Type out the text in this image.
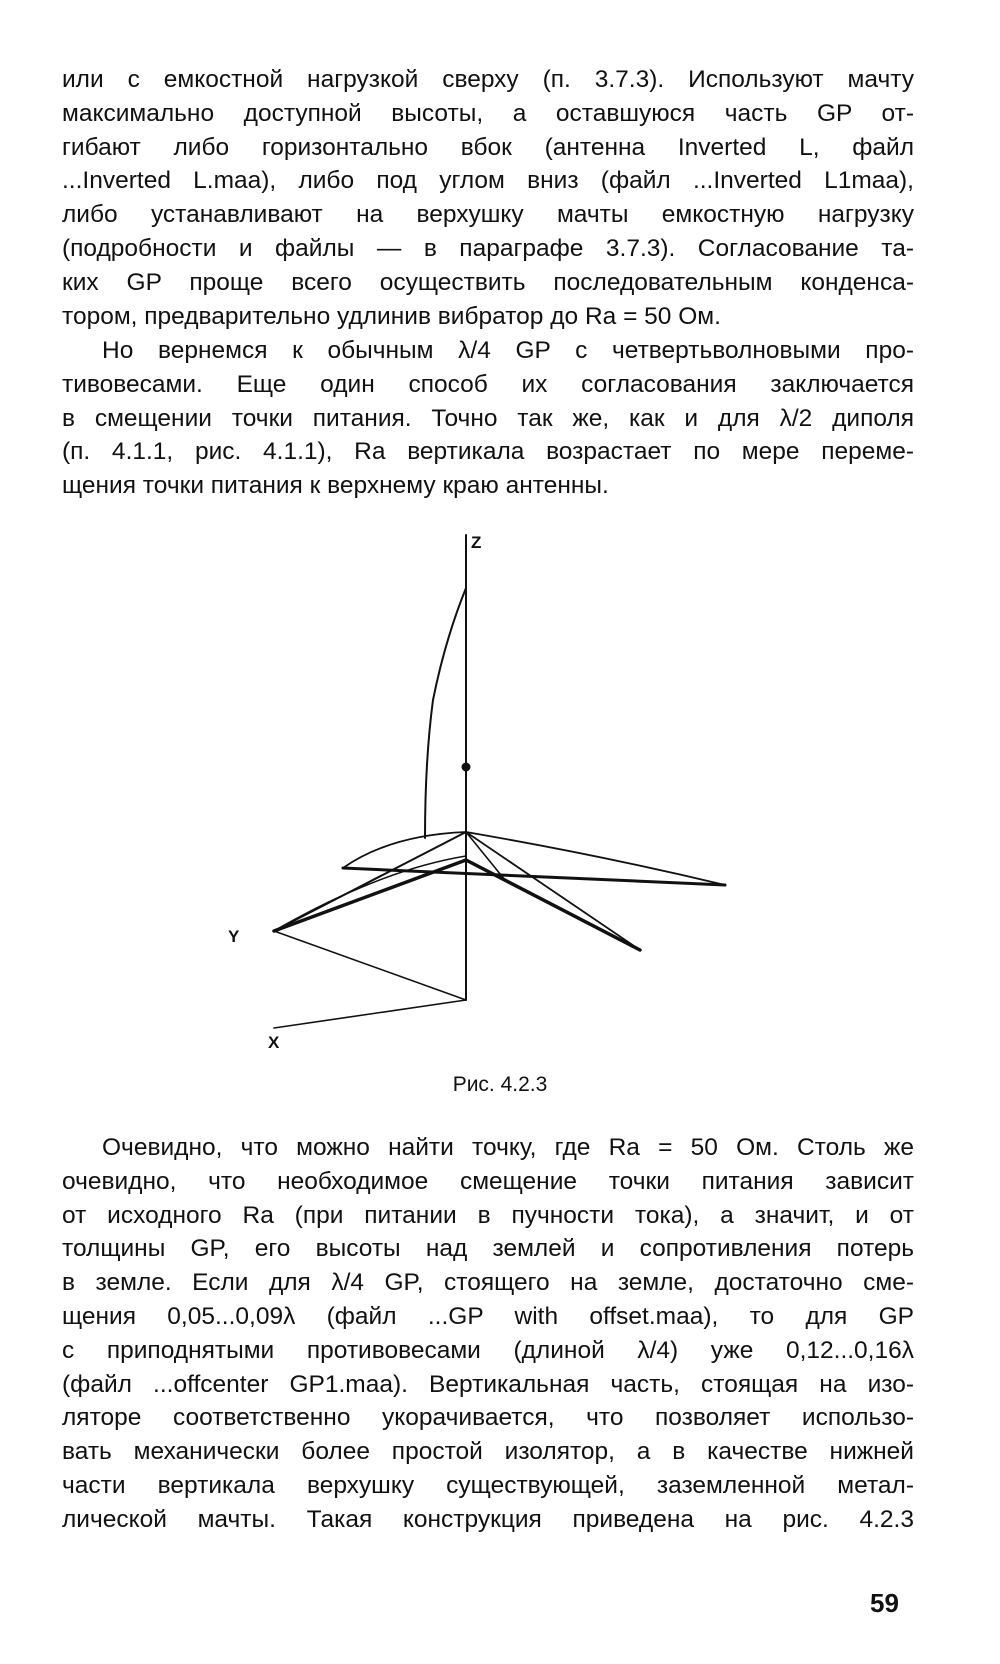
или с емкостной нагрузкой сверху (п. 3.7.3). Используют мачту
максимально доступной высоты, а оставшуюся часть GP от-
гибают либо горизонтально вбок (антенна Inverted L, файл
...Inverted L.maa), либо под углом вниз (файл ...Inverted L1maa),
либо устанавливают на верхушку мачты емкостную нагрузку
(подробности и файлы — в параграфе 3.7.3). Согласование та-
ких GP проще всего осуществить последовательным конденса-
тором, предварительно удлинив вибратор до Ra = 50 Ом.
Но вернемся к обычным λ/4 GP с четвертьволновыми про-
тивовесами. Еще один способ их согласования заключается
в смещении точки питания. Точно так же, как и для λ/2 диполя
(п. 4.1.1, рис. 4.1.1), Ra вертикала возрастает по мере переме-
щения точки питания к верхнему краю антенны.
Z
Y
X
Рис. 4.2.3
Очевидно, что можно найти точку, где Ra = 50 Ом. Столь же
очевидно, что необходимое смещение точки питания зависит
от исходного Ra (при питании в пучности тока), а значит, и от
толщины GP, его высоты над землей и сопротивления потерь
в земле. Если для λ/4 GP, стоящего на земле, достаточно сме-
щения 0,05...0,09λ (файл ...GP with offset.maa), то для GP
с приподнятыми противовесами (длиной λ/4) уже 0,12...0,16λ
(файл ...offcenter GP1.maa). Вертикальная часть, стоящая на изо-
ляторе соответственно укорачивается, что позволяет использо-
вать механически более простой изолятор, а в качестве нижней
части вертикала верхушку существующей, заземленной метал-
лической мачты. Такая конструкция приведена на рис. 4.2.3
59
